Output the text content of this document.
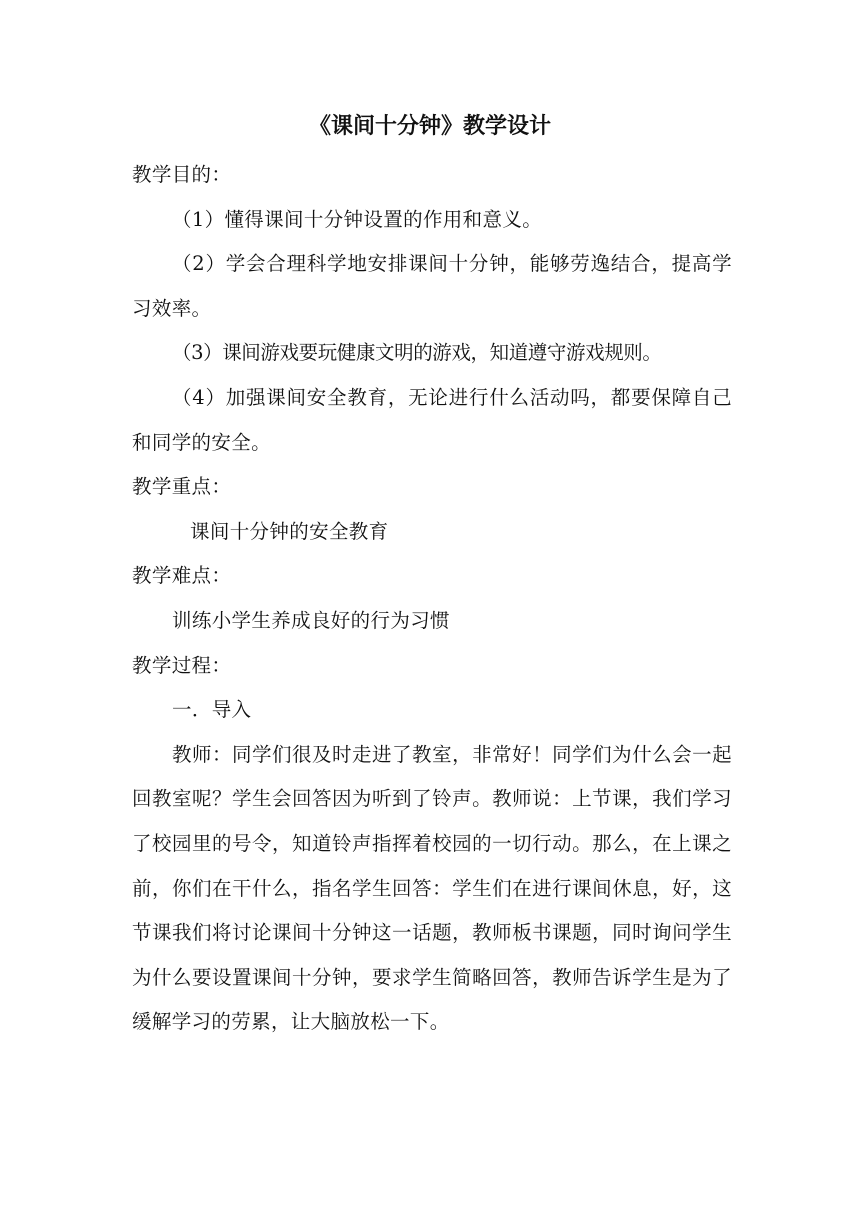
《课间十分钟》教学设计

教学目的：

（1）懂得课间十分钟设置的作用和意义。

（2）学会合理科学地安排课间十分钟，能够劳逸结合，提高学习效率。

（3）课间游戏要玩健康文明的游戏，知道遵守游戏规则。

（4）加强课间安全教育，无论进行什么活动吗，都要保障自己和同学的安全。

教学重点：

课间十分钟的安全教育

教学难点：

训练小学生养成良好的行为习惯

教学过程：

一．导入

教师：同学们很及时走进了教室，非常好！同学们为什么会一起回教室呢？学生会回答因为听到了铃声。教师说：上节课，我们学习了校园里的号令，知道铃声指挥着校园的一切行动。那么，在上课之前，你们在干什么，指名学生回答：学生们在进行课间休息，好，这节课我们将讨论课间十分钟这一话题，教师板书课题，同时询问学生为什么要设置课间十分钟，要求学生简略回答，教师告诉学生是为了缓解学习的劳累，让大脑放松一下。
